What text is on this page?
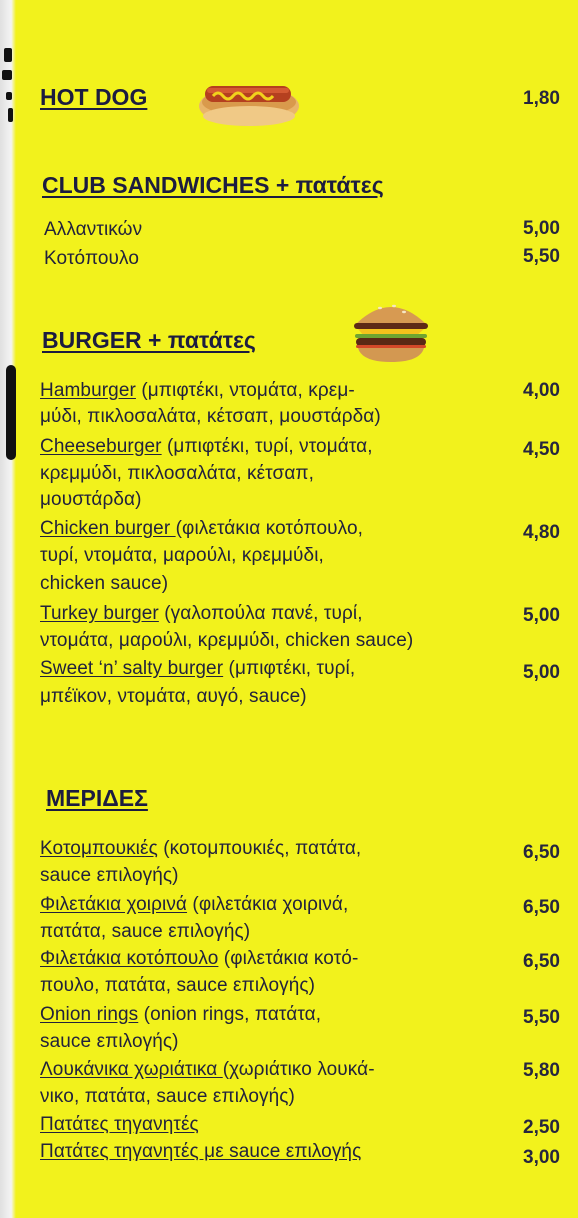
HOT DOG	1,80
CLUB SANDWICHES + πατάτες
Αλλαντικών	5,00
Κοτόπουλο	5,50
BURGER + πατάτες
Hamburger (μπιφτέκι, ντομάτα, κρεμ-
μύδι, πικλοσαλάτα, κέτσαπ, μουστάρδα)
4,00
Cheeseburger (μπιφτέκι, τυρί, ντομάτα,
κρεμμύδι, πικλοσαλάτα, κέτσαπ,
μουστάρδα)
4,50
Chicken burger (φιλετάκια κοτόπουλο,
τυρί, ντομάτα, μαρούλι, κρεμμύδι,
chicken sauce)
4,80
Turkey burger (γαλοπούλα πανέ, τυρί,
ντομάτα, μαρούλι, κρεμμύδι, chicken sauce)
5,00
Sweet ‘n’ salty burger (μπιφτέκι, τυρί,
μπέϊκον, ντομάτα, αυγό, sauce)
5,00
ΜΕΡΙΔΕΣ
Κοτομπουκιές (κοτομπουκιές, πατάτα,
sauce επιλογής)
6,50
Φιλετάκια χοιρινά (φιλετάκια χοιρινά,
πατάτα, sauce επιλογής)
6,50
Φιλετάκια κοτόπουλο (φιλετάκια κοτό-
πουλο, πατάτα, sauce επιλογής)
6,50
Onion rings (onion rings, πατάτα,
sauce επιλογής)
5,50
Λουκάνικα χωριάτικα (χωριάτικο λουκά-
νικο, πατάτα, sauce επιλογής)
5,80
Πατάτες τηγανητές	2,50
Πατάτες τηγανητές με sauce επιλογής	3,00
